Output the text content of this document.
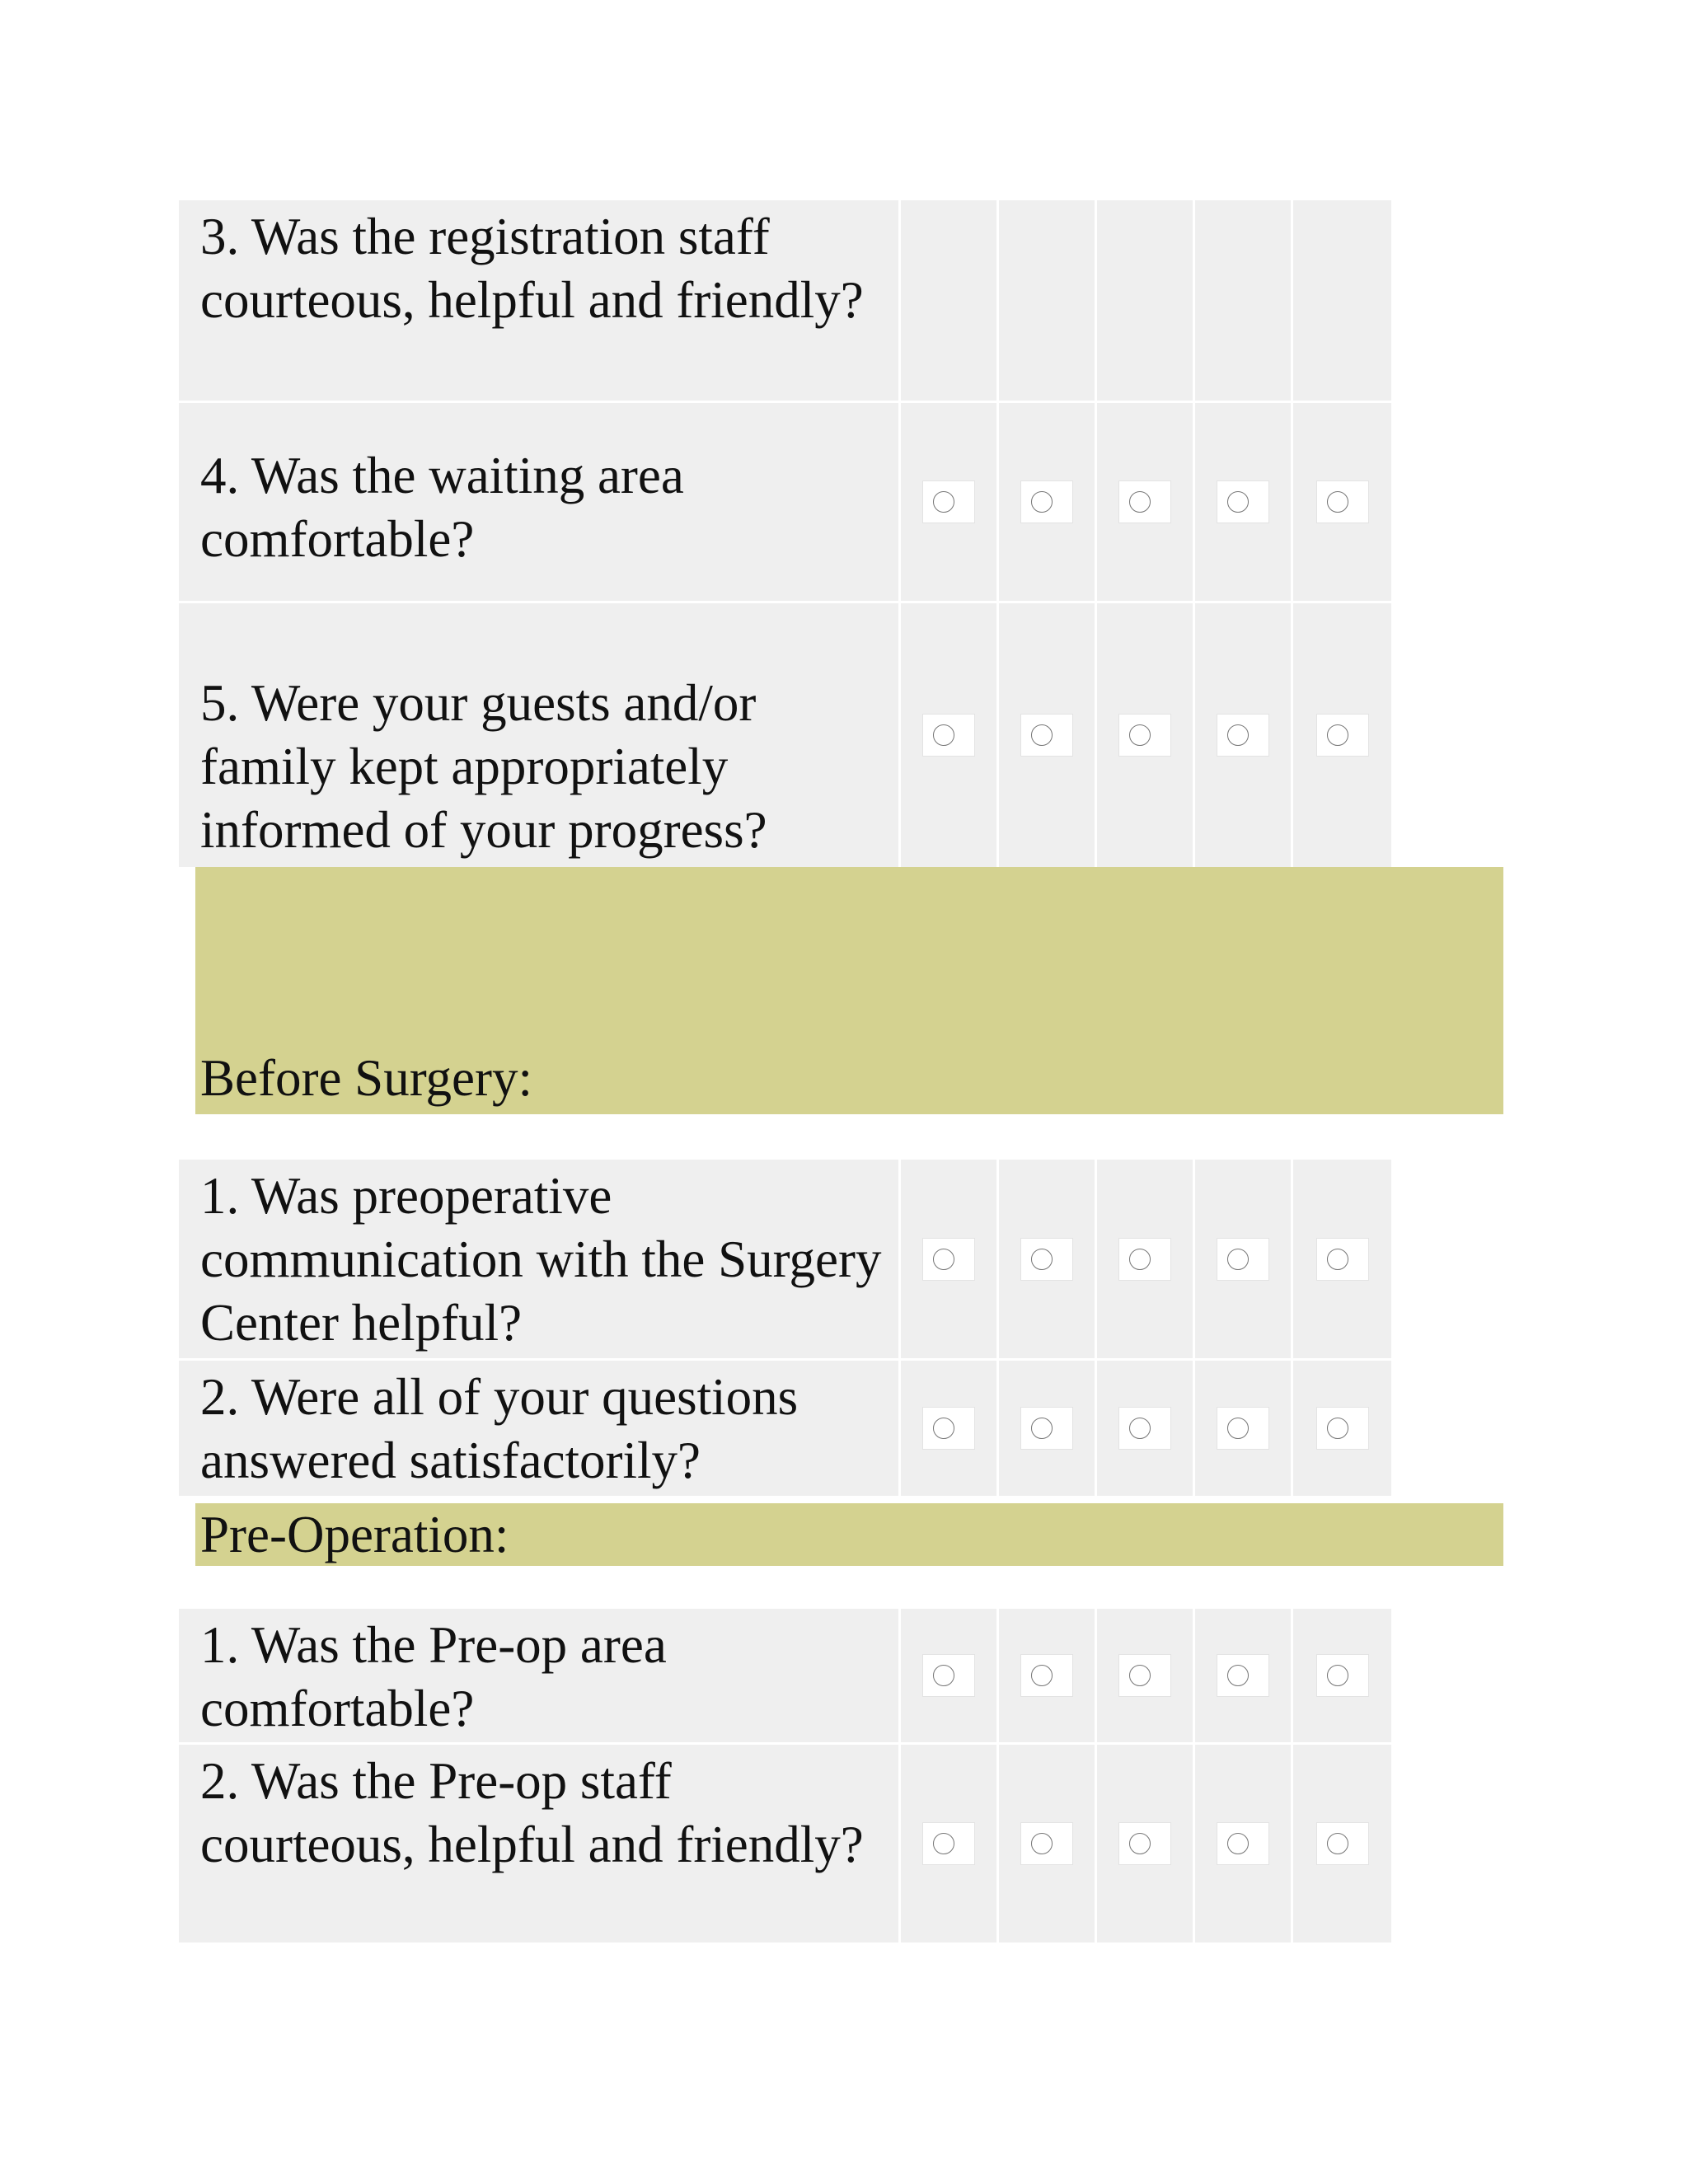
3. Was the registration staff courteous, helpful and friendly?
4. Was the waiting area comfortable?
5. Were your guests and/or family kept appropriately informed of your progress?
Before Surgery:
1. Was preoperative communication with the Surgery Center helpful?
2. Were all of your questions answered satisfactorily?
Pre-Operation:
1. Was the Pre-op area comfortable?
2. Was the Pre-op staff courteous, helpful and friendly?
